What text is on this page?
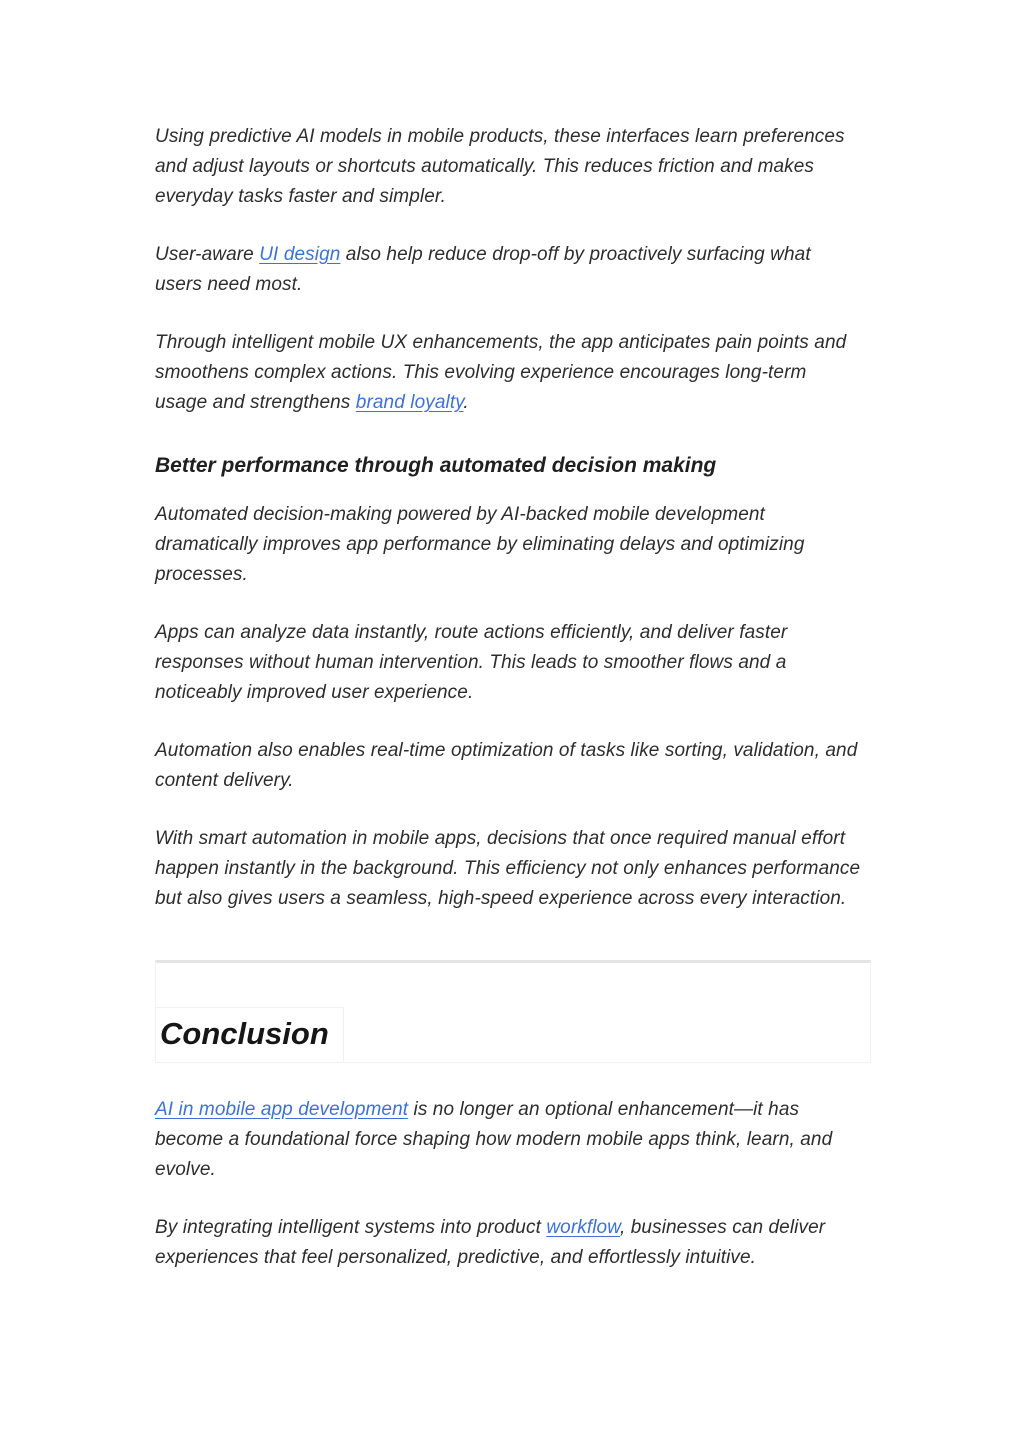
Using predictive AI models in mobile products, these interfaces learn preferences and adjust layouts or shortcuts automatically. This reduces friction and makes everyday tasks faster and simpler.

User-aware UI design also help reduce drop-off by proactively surfacing what users need most.

Through intelligent mobile UX enhancements, the app anticipates pain points and smoothens complex actions. This evolving experience encourages long-term usage and strengthens brand loyalty.

Better performance through automated decision making

Automated decision-making powered by AI-backed mobile development dramatically improves app performance by eliminating delays and optimizing processes.

Apps can analyze data instantly, route actions efficiently, and deliver faster responses without human intervention. This leads to smoother flows and a noticeably improved user experience.

Automation also enables real-time optimization of tasks like sorting, validation, and content delivery.

With smart automation in mobile apps, decisions that once required manual effort happen instantly in the background. This efficiency not only enhances performance but also gives users a seamless, high-speed experience across every interaction.

Conclusion

AI in mobile app development is no longer an optional enhancement—it has become a foundational force shaping how modern mobile apps think, learn, and evolve.

By integrating intelligent systems into product workflow, businesses can deliver experiences that feel personalized, predictive, and effortlessly intuitive.
